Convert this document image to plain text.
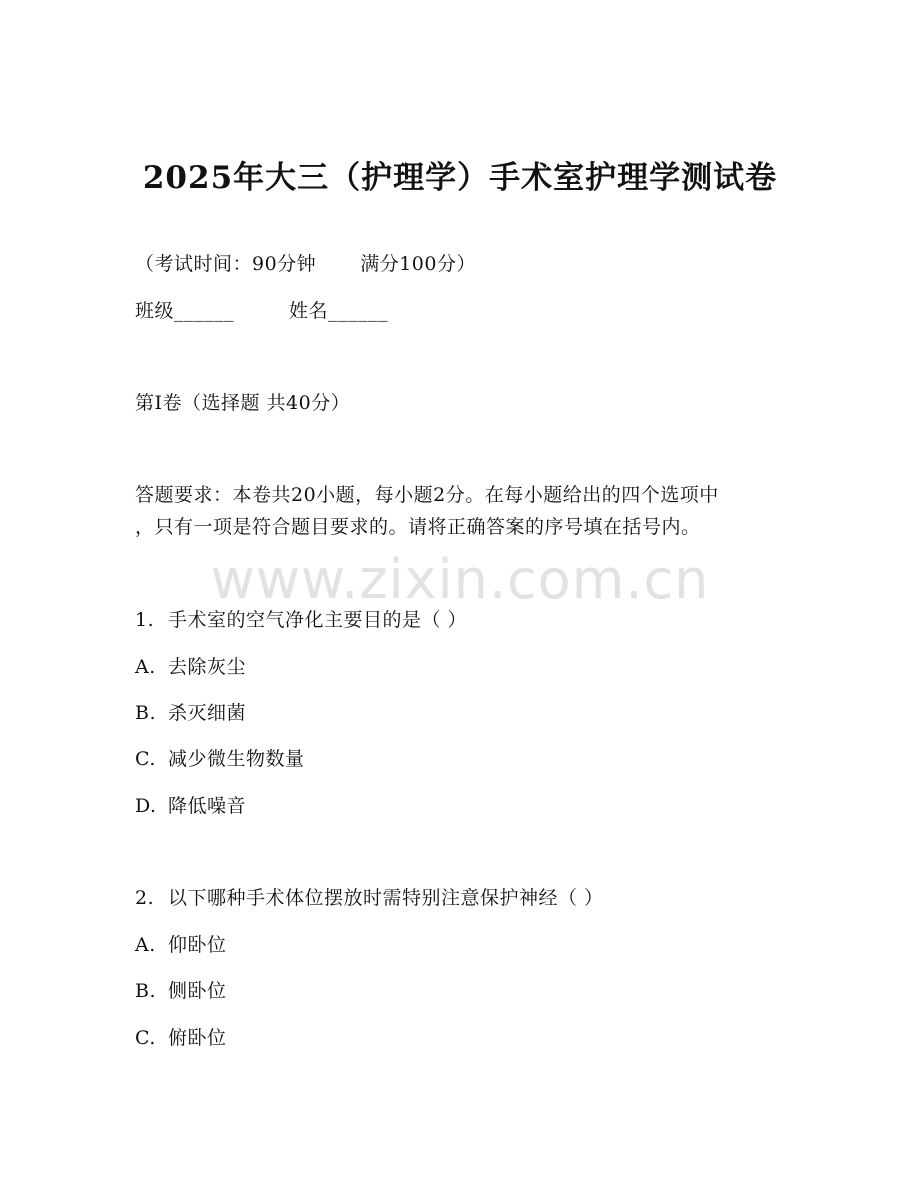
2025年大三（护理学）手术室护理学测试卷
（考试时间：90分钟 满分100分）
班级______	姓名______
第I卷（选择题 共40分）
答题要求：本卷共20小题，每小题2分。在每小题给出的四个选项中
，只有一项是符合题目要求的。请将正确答案的序号填在括号内。
www.zixin.com.cn
1. 手术室的空气净化主要目的是（ ）
A. 去除灰尘
B. 杀灭细菌
C. 减少微生物数量
D. 降低噪音
2. 以下哪种手术体位摆放时需特别注意保护神经（ ）
A. 仰卧位
B. 侧卧位
C. 俯卧位
